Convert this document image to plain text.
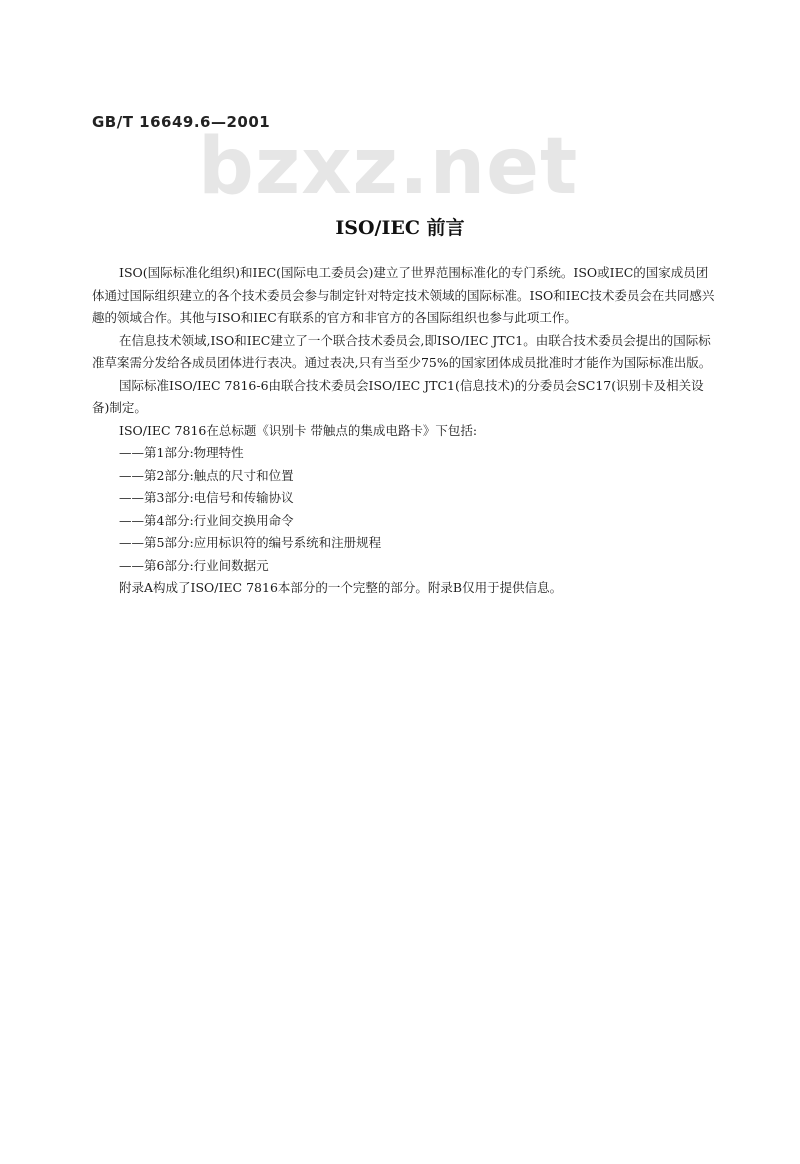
GB/T 16649.6—2001
bzxz.net
ISO/IEC 前言

ISO(国际标准化组织)和IEC(国际电工委员会)建立了世界范围标准化的专门系统。ISO或IEC的国家成员团体通过国际组织建立的各个技术委员会参与制定针对特定技术领域的国际标准。ISO和IEC技术委员会在共同感兴趣的领域合作。其他与ISO和IEC有联系的官方和非官方的各国际组织也参与此项工作。

在信息技术领域,ISO和IEC建立了一个联合技术委员会,即ISO/IEC JTC1。由联合技术委员会提出的国际标准草案需分发给各成员团体进行表决。通过表决,只有当至少75%的国家团体成员批准时才能作为国际标准出版。

国际标准ISO/IEC 7816-6由联合技术委员会ISO/IEC JTC1(信息技术)的分委员会SC17(识别卡及相关设备)制定。

ISO/IEC 7816在总标题《识别卡 带触点的集成电路卡》下包括:

——第1部分:物理特性

——第2部分:触点的尺寸和位置

——第3部分:电信号和传输协议

——第4部分:行业间交换用命令

——第5部分:应用标识符的编号系统和注册规程

——第6部分:行业间数据元

附录A构成了ISO/IEC 7816本部分的一个完整的部分。附录B仅用于提供信息。
